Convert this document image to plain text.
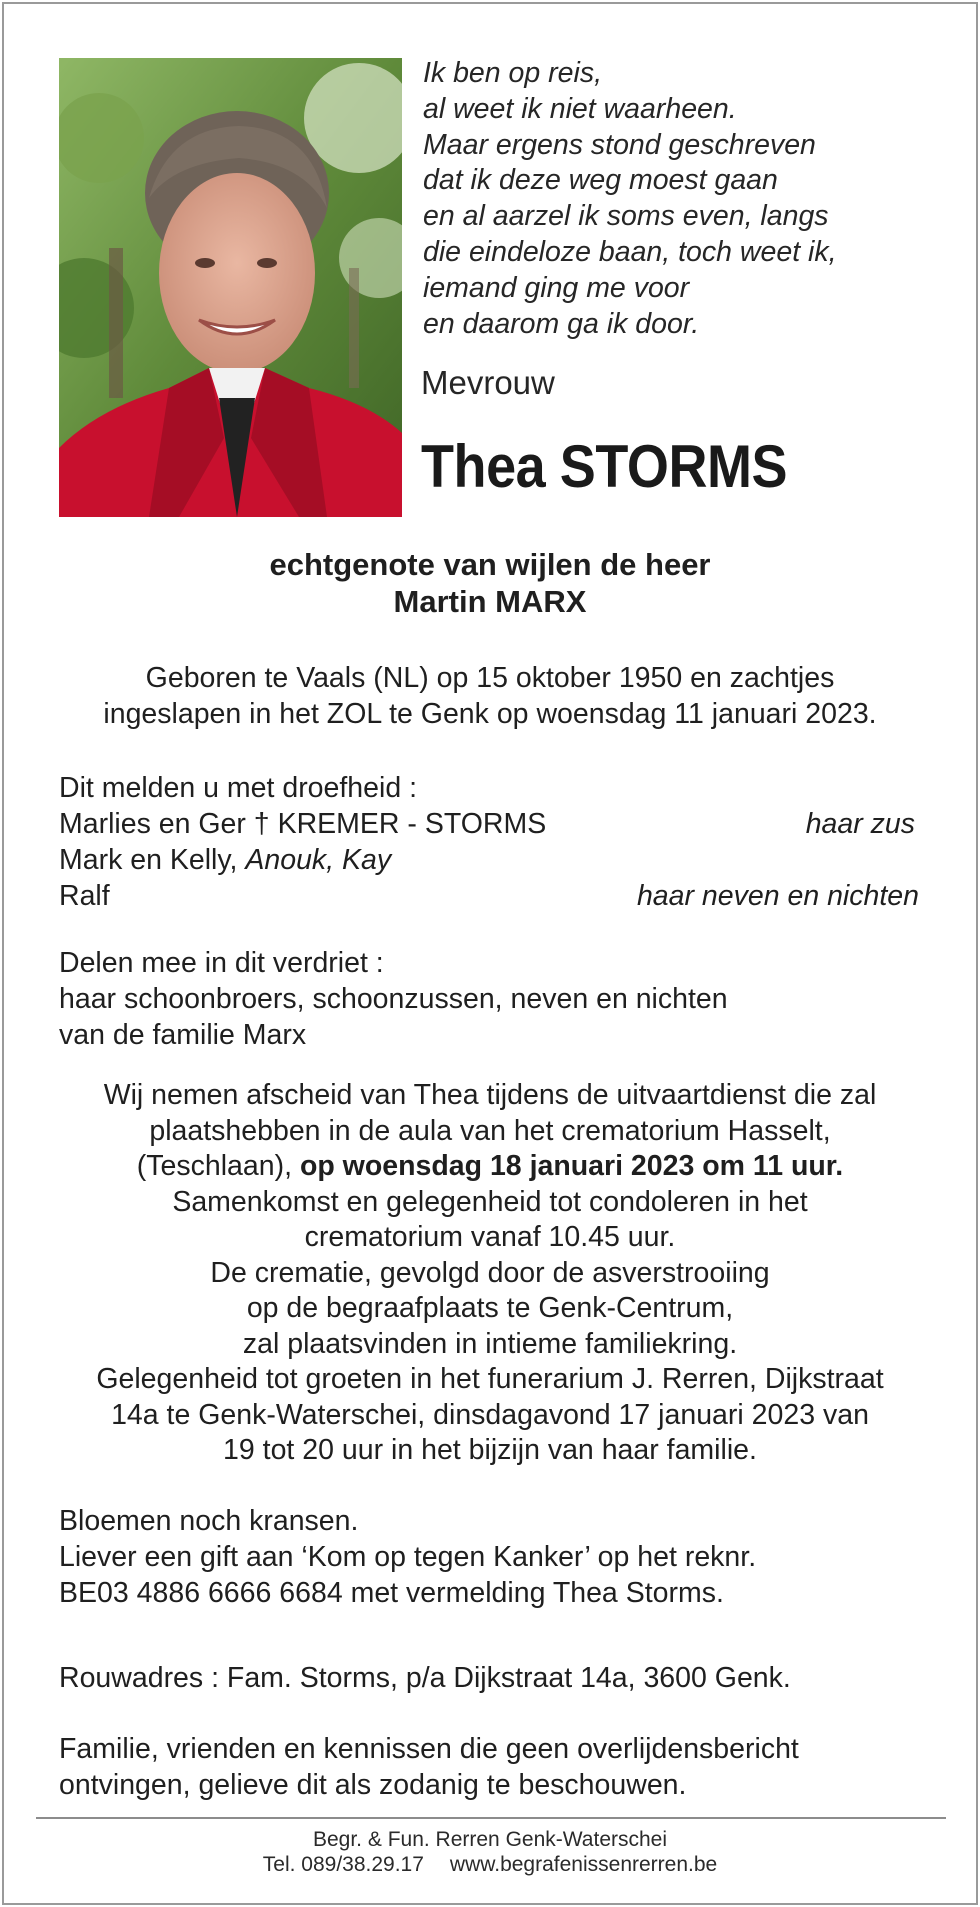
Ik ben op reis,
al weet ik niet waarheen.
Maar ergens stond geschreven
dat ik deze weg moest gaan
en al aarzel ik soms even, langs
die eindeloze baan, toch weet ik,
iemand ging me voor
en daarom ga ik door.
Mevrouw
Thea STORMS
echtgenote van wijlen de heer
Martin MARX
Geboren te Vaals (NL) op 15 oktober 1950 en zachtjes
ingeslapen in het ZOL te Genk op woensdag 11 januari 2023.
Dit melden u met droefheid :
Marlies en Ger † KREMER - STORMS	haar zus
Mark en Kelly, Anouk, Kay
Ralf	haar neven en nichten
Delen mee in dit verdriet :
haar schoonbroers, schoonzussen, neven en nichten
van de familie Marx
Wij nemen afscheid van Thea tijdens de uitvaartdienst die zal
plaatshebben in de aula van het crematorium Hasselt,
(Teschlaan), op woensdag 18 januari 2023 om 11 uur.
Samenkomst en gelegenheid tot condoleren in het
crematorium vanaf 10.45 uur.
De crematie, gevolgd door de asverstrooiing
op de begraafplaats te Genk-Centrum,
zal plaatsvinden in intieme familiekring.
Gelegenheid tot groeten in het funerarium J. Rerren, Dijkstraat
14a te Genk-Waterschei, dinsdagavond 17 januari 2023 van
19 tot 20 uur in het bijzijn van haar familie.
Bloemen noch kransen.
Liever een gift aan ‘Kom op tegen Kanker’ op het reknr.
BE03 4886 6666 6684 met vermelding Thea Storms.
Rouwadres : Fam. Storms, p/a Dijkstraat 14a, 3600 Genk.
Familie, vrienden en kennissen die geen overlijdensbericht
ontvingen, gelieve dit als zodanig te beschouwen.
Begr. & Fun. Rerren Genk-Waterschei
Tel. 089/38.29.17 www.begrafenissenrerren.be
